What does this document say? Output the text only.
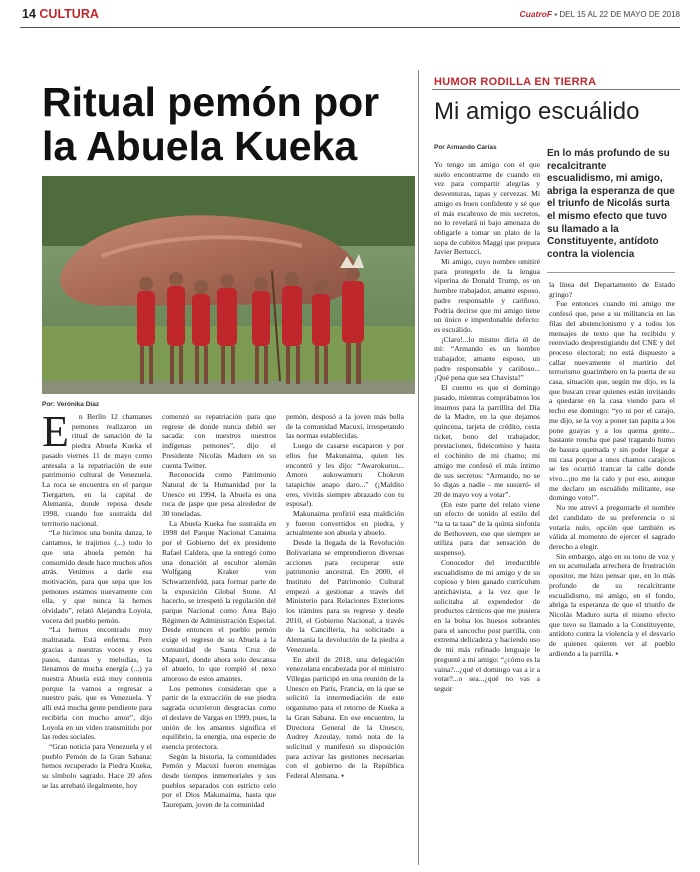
14 CULTURA	CuatroF ▪ DEL 15 AL 22 DE MAYO DE 2018
Ritual pemón por la Abuela Kueka
Por: Verónika Díaz
E	n Berlín 12 chamanes pemones realizaron un ritual de sanación de la piedra Abuela Kueka el pasado viernes 11 de mayo como antesala a la repatriación de este patrimonio cultural de Venezuela. La roca se encuentra en el parque Tiergarten, en la capital de Alemania, donde reposa desde 1998, cuando fue sustraída del territorio nacional.

“Le hicimos una bonita danza, le cantamos, le trajimos (...) todo lo que una abuela pemón ha consumido desde hace muchos años atrás. Venimos a darle esa motivación, para que sepa que los pemones estamos nuevamente con ella, y que nunca la hemos olvidado”, relató Alejandra Loyola, vocera del pueblo pemón.

“La hemos encontrado muy maltratada. Está enferma. Pero gracias a nuestras voces y esos pasos, danzas y melodías, la llenamos de mucha energía (...) ya nuestra Abuela está muy contenta porque la vamos a regresar a nuestro país, que es Venezuela. Y allí está mucha gente pendiente para recibirla con mucho amor”, dijo Loyola en un video transmitido por las redes sociales.

“Gran noticia para Venezuela y el pueblo Pemón de la Gran Sabana: hemos recuperado la Piedra Kueka, su símbolo sagrado. Hace 20 años se las arrebató ilegalmente, hoy

comenzó su repatriación para que regrese de donde nunca debió ser sacada: con nuestros nuestros indígenas pemones”, dijo el Presidente Nicolás Maduro en su cuenta Twitter.

Reconocida como Patrimonio Natural de la Humanidad por la Unesco en 1994, la Abuela es una roca de jaspe que pesa alrededor de 30 toneladas.

La Abuela Kueka fue sustraída en 1998 del Parque Nacional Canaima por el Gobierno del ex presidente Rafael Caldera, que la entregó como una donación al escultor alemán Wolfgang Kraker von Schwarzenfeld, para formar parte de la exposición Global Stone. Al hacerlo, se irrespetó la regulación del parque Nacional como Área Bajo Régimen de Administración Especial. Desde entonces el pueblo pemón exige el regreso de su Abuela a la comunidad de Santa Cruz de Mapaurí, donde ahora solo descansa el abuelo, lo que rompió el nexo amoroso de estos amantes.

Los pemones consideran que a partir de la extracción de ese piedra sagrada ocurrieron desgracias como el deslave de Vargas en 1999, pues, la unión de los amantes significa el equilibrio, la energía, una especie de esencia protectora.

Según la historia, la comunidades Pemón y Macuxí fueron enemigas desde tiempos inmemoriales y sus pueblos separados con estricto celo por el Dios Makunaima, hasta que Taurepam, joven de la comunidad

pemón, desposó a la joven más bella de la comunidad Macuxí, irrespetando las normas establecidas.

Luego de casarse escaparon y por ellos fue Makunaima, quien les encontró y les dijo: “Awarokuruu... Amoro aukowamuru Chokron tatapichie anapo daro...” (¡Maldito eres, vivirás siempre abrazado con tu esposa!).

Makunaima profirió esta maldición y fueron convertidos en piedra, y actualmente son abuela y abuelo.

Desde la llegada de la Revolución Bolivariana se emprendieron diversas acciones para recuperar este patrimonio ancestral. En 2000, el Instituto del Patrimonio Cultural empezó a gestionar a través del Ministerio para Relaciones Exteriores los trámites para su regreso y desde 2010, el Gobierno Nacional, a través de la Cancillería, ha solicitado a Alemania la devolución de la piedra a Venezuela.

En abril de 2018, una delegación venezolana encabezada por el ministro Villegas participó en una reunión de la Unesco en París, Francia, en la que se solicitó la intermediación de este organismo para el retorno de Kueka a la Gran Sabana. En ese encuentro, la Directora General de la Unesco, Audrey Azoulay, tomó nota de la solicitud y manifestó su disposición para activar las gestiones necesarias con el gobierno de la República Federal Alemana. ▪

HUMOR RODILLA EN TIERRA
Mi amigo escuálido
Por Armando Carías
En lo más profundo de su recalcitrante escualidismo, mi amigo, abriga la esperanza de que el triunfo de Nicolás surta el mismo efecto que tuvo su llamado a la Constituyente, antídoto contra la violencia

Yo tengo un amigo con el que suelo encontrarme de cuando en vez para compartir alegrías y desventuras, tapas y cervezas. Mi amigo es buen confidente y sé que el más escabroso de mis secretos, no lo revelará ni bajo amenaza de obligarle a tomar un plato de la sopa de cubitos Maggi que prepara Javier Bertucci.

Mi amigo, cuyo nombre omitiré para protegerlo de la lengua viperina de Donald Trump, es un hombre trabajador, amante esposo, padre responsable y cariñoso. Podría decirse que mi amigo tiene un único e imperdonable defecto: es escuálido.

¡Claro!...lo mismo diría él de mí: “Armando es un hombre trabajador, amante esposo, un padre responsable y cariñoso... ¡Qué pena que sea Chavista!”

El cuento es que el domingo pasado, mientras comprábamos los insumos para la parrillita del Día de la Madre, en la que dejamos quincena, tarjeta de crédito, cesta ticket, bono del trabajador, prestaciones, fideicomiso y hasta el cochinito de mi chamo; mi amigo me confesó el más íntimo de sus secretos: “Armando, no se lo digas a nadie - me susurró- el 20 de mayo voy a votar”.

(En este parte del relato viene un efecto de sonido al estilo del “ta ta ta taaa” de la quinta sinfonía de Bethoveen, ese que siempre se utiliza para dar sensación de suspenso).

Conocedor del irreductible escualidismo de mi amigo y de su copioso y bien ganado currículum antichavista, a la vez que le solicitaba al expendedor de productos cárnicos que me pusiera en la bolsa los huesos sobrantes para el sancocho post parrilla, con extrema delicadeza y haciendo uso de mi más refinado lenguaje le pregunté a mi amigo: “¿cómo es la vaina?...¿qué el domingo vas a ir a votar?...o sea...¿qué no vas a seguir

la línea del Departamento de Estado gringo?

Fue entonces cuando mi amigo me confesó que, pese a su militancia en las filas del abstencionismo y a todos los mensajes de texto que ha recibido y reenviado desprestigiando del CNE y del proceso electoral; no está dispuesto a callar nuevamente el martirio del terrorismo guarimbero en la puerta de su casa, situación que, según me dijo, es la que buscan crear quienes están invitando a quedarse en la casa viendo para el techo ese domingo: “yo ni por el carajo, me dijo, se la voy a poner tan papita a los pone guayas y a los quema gente... bastante roncha que pasé tragando humo de basura quemada y sin poder llegar a mi casa porque a unos chamos carajicos se les ocurrió trancar la calle donde vivo...¡no me la calo y por eso, aunque me declaro un escuálido militante, ese domingo voto!”.

No me atreví a preguntarle el nombre del candidato de su preferencia o si votaría nulo, opción que también es válida al momento de ejercer el sagrado derecho a elegir.

Sin embargo, algo en su tono de voz y en su acumulada arrechera de frustración opositor, me hizo pensar que, en lo más profundo de su recalcitrante escualidismo, mi amigo, en el fondo, abriga la esperanza de que el triunfo de Nicolás Maduro surta el mismo efecto que tuvo su llamado a la Constituyente, antídoto contra la violencia y el desvarío de quienes quieren ver al pueblo ardiendo a la parrilla. ▪
